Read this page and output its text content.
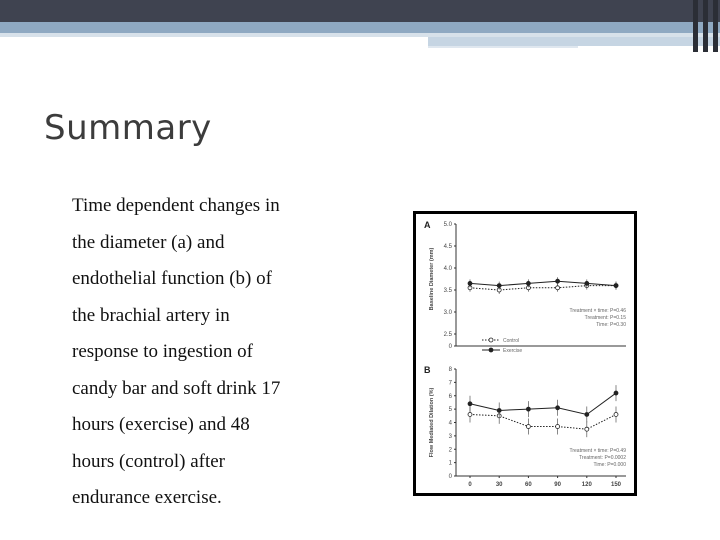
Summary
Time dependent changes in
the diameter (a) and
endothelial function (b) of
the brachial artery in
response to ingestion of
candy bar and soft drink 17
hours (exercise) and 48
hours (control) after
endurance exercise.
A 5.0
4.5
4.0
3.5
3.0
2.5
0
Baseline Diameter (mm)
Treatment × time: P=0.46
Treatment: P=0.15
Time: P=0.30
B	8
7
6
5
4
3
2
1
0
Flow Mediated Dilation (%)
0	30	60	90	120	150
Treatment × time: P=0.49
Treatment: P=0.0002
Time: P=0.000
Control
Exercise
